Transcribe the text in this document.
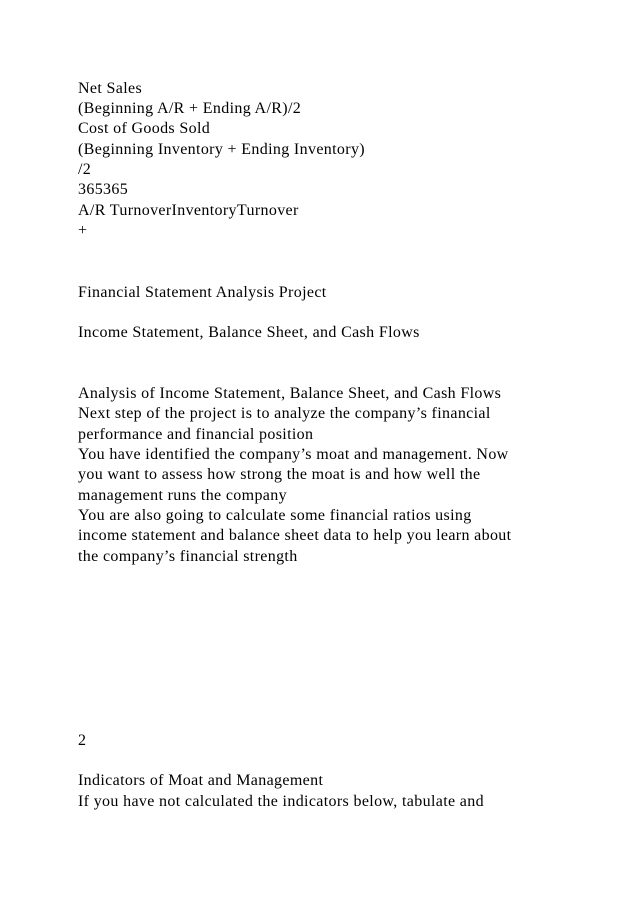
Net Sales
(Beginning A/R + Ending A/R)/2
Cost of Goods Sold
(Beginning Inventory + Ending Inventory)
/2
365365
A/R TurnoverInventoryTurnover
+
Financial Statement Analysis Project
Income Statement, Balance Sheet, and Cash Flows
Analysis of Income Statement, Balance Sheet, and Cash Flows
Next step of the project is to analyze the company’s financial
performance and financial position
You have identified the company’s moat and management. Now
you want to assess how strong the moat is and how well the
management runs the company
You are also going to calculate some financial ratios using
income statement and balance sheet data to help you learn about
the company’s financial strength
2
Indicators of Moat and Management
If you have not calculated the indicators below, tabulate and
